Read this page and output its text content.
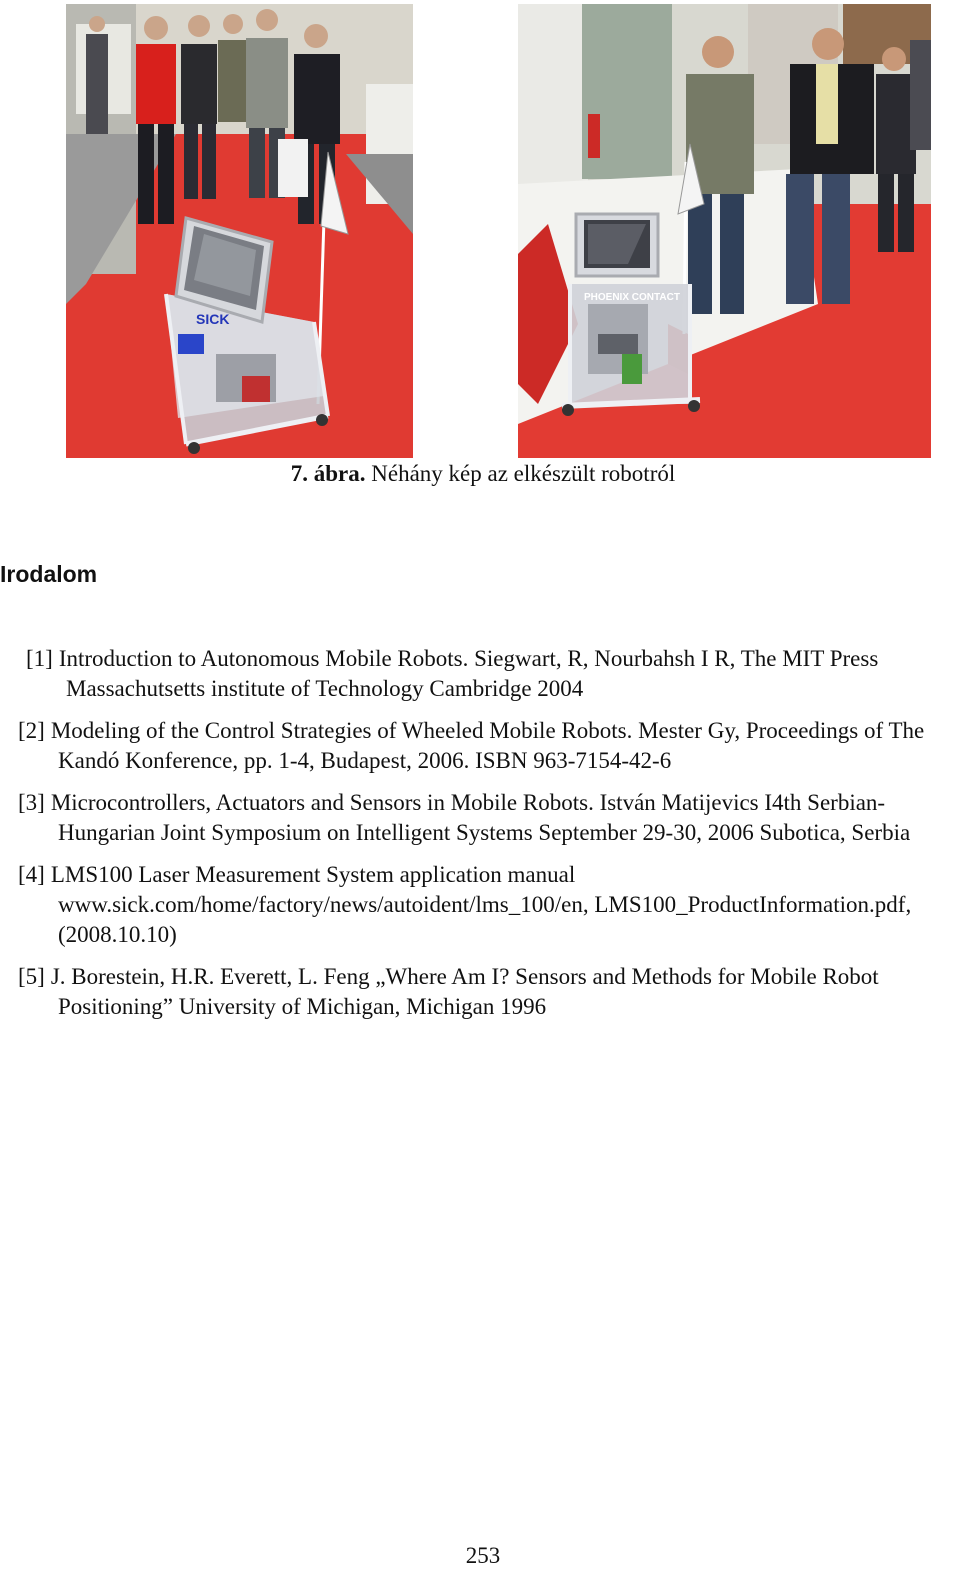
SICK
PHOENIX CONTACT
7. ábra. Néhány kép az elkészült robotról
Irodalom

[1] Introduction to Autonomous Mobile Robots. Siegwart, R, Nourbahsh I R, The MIT Press Massachutsetts institute of Technology Cambridge 2004

[2] Modeling of the Control Strategies of Wheeled Mobile Robots. Mester Gy, Proceedings of The Kandó Konference, pp. 1-4, Budapest, 2006. ISBN 963-7154-42-6

[3] Microcontrollers, Actuators and Sensors in Mobile Robots. István Matijevics I4th Serbian-Hungarian Joint Symposium on Intelligent Systems September 29-30, 2006 Subotica, Serbia

[4] LMS100 Laser Measurement System application manual www.sick.com/home/factory/news/autoident/lms_100/en, LMS100_ProductInformation.pdf, (2008.10.10)

[5] J. Borestein, H.R. Everett, L. Feng „Where Am I? Sensors and Methods for Mobile Robot Positioning” University of Michigan, Michigan 1996

253
